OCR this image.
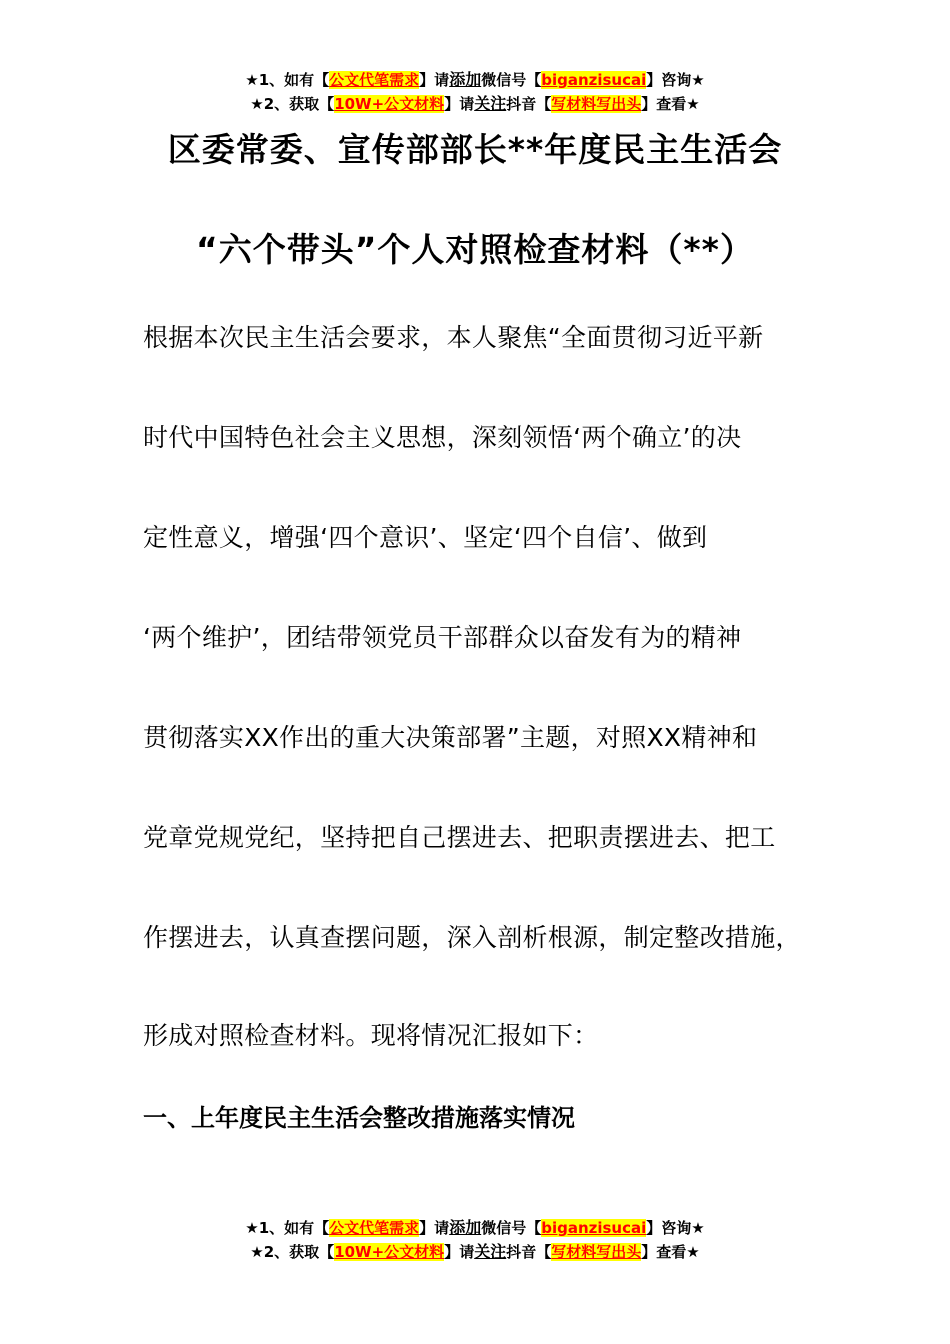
★1、如有【公文代笔需求】请添加微信号【biganzisucai】咨询★
★2、获取【10W+公文材料】请关注抖音【写材料写出头】查看★
区委常委、宣传部部长**年度民主生活会
“六个带头”个人对照检查材料（**）
根据本次民主生活会要求，本人聚焦“全面贯彻习近平新
时代中国特色社会主义思想，深刻领悟‘两个确立’的决
定性意义，增强‘四个意识’、坚定‘四个自信’、做到
‘两个维护’，团结带领党员干部群众以奋发有为的精神
贯彻落实XX作出的重大决策部署”主题，对照XX精神和
党章党规党纪，坚持把自己摆进去、把职责摆进去、把工
作摆进去，认真查摆问题，深入剖析根源，制定整改措施，
形成对照检查材料。现将情况汇报如下：
一、上年度民主生活会整改措施落实情况
★1、如有【公文代笔需求】请添加微信号【biganzisucai】咨询★
★2、获取【10W+公文材料】请关注抖音【写材料写出头】查看★
